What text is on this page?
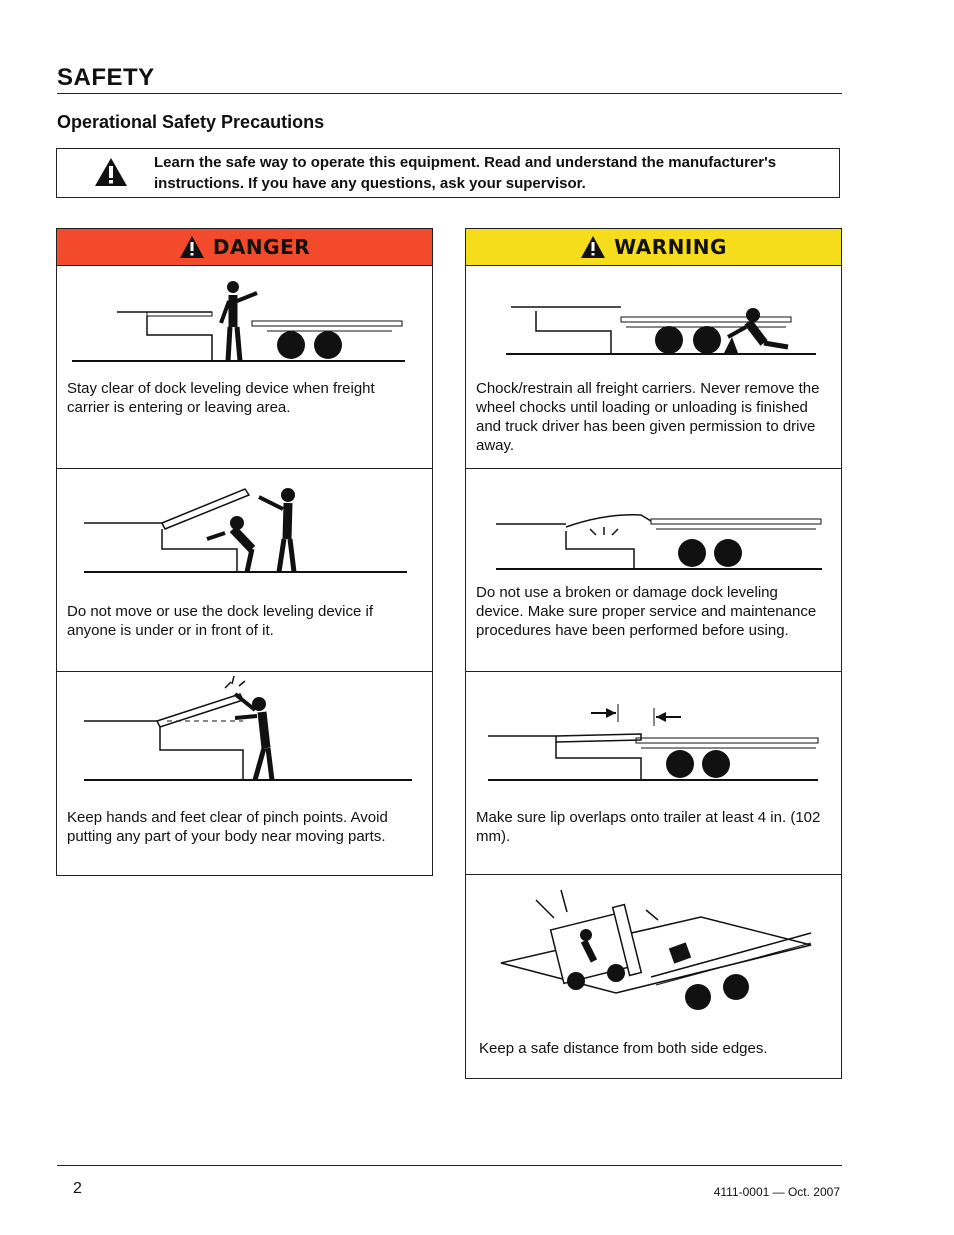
SAFETY
Operational Safety Precautions
Learn the safe way to operate this equipment. Read and understand the manufacturer's instructions. If you have any questions, ask your supervisor.
DANGER
Stay clear of dock leveling device when freight carrier is entering or leaving area.
Do not move or use the dock leveling device if anyone is under or in front of it.
Keep hands and feet clear of pinch points. Avoid putting any part of your body near moving parts.
WARNING
Chock/restrain all freight carriers. Never remove the wheel chocks until loading or unloading is finished and truck driver has been given permission to drive away.
Do not use a broken or damage dock leveling device. Make sure proper service and maintenance procedures have been performed before using.
Make sure lip overlaps onto trailer at least 4 in. (102 mm).
Keep a safe distance from both side edges.
2	4111-0001 — Oct. 2007
